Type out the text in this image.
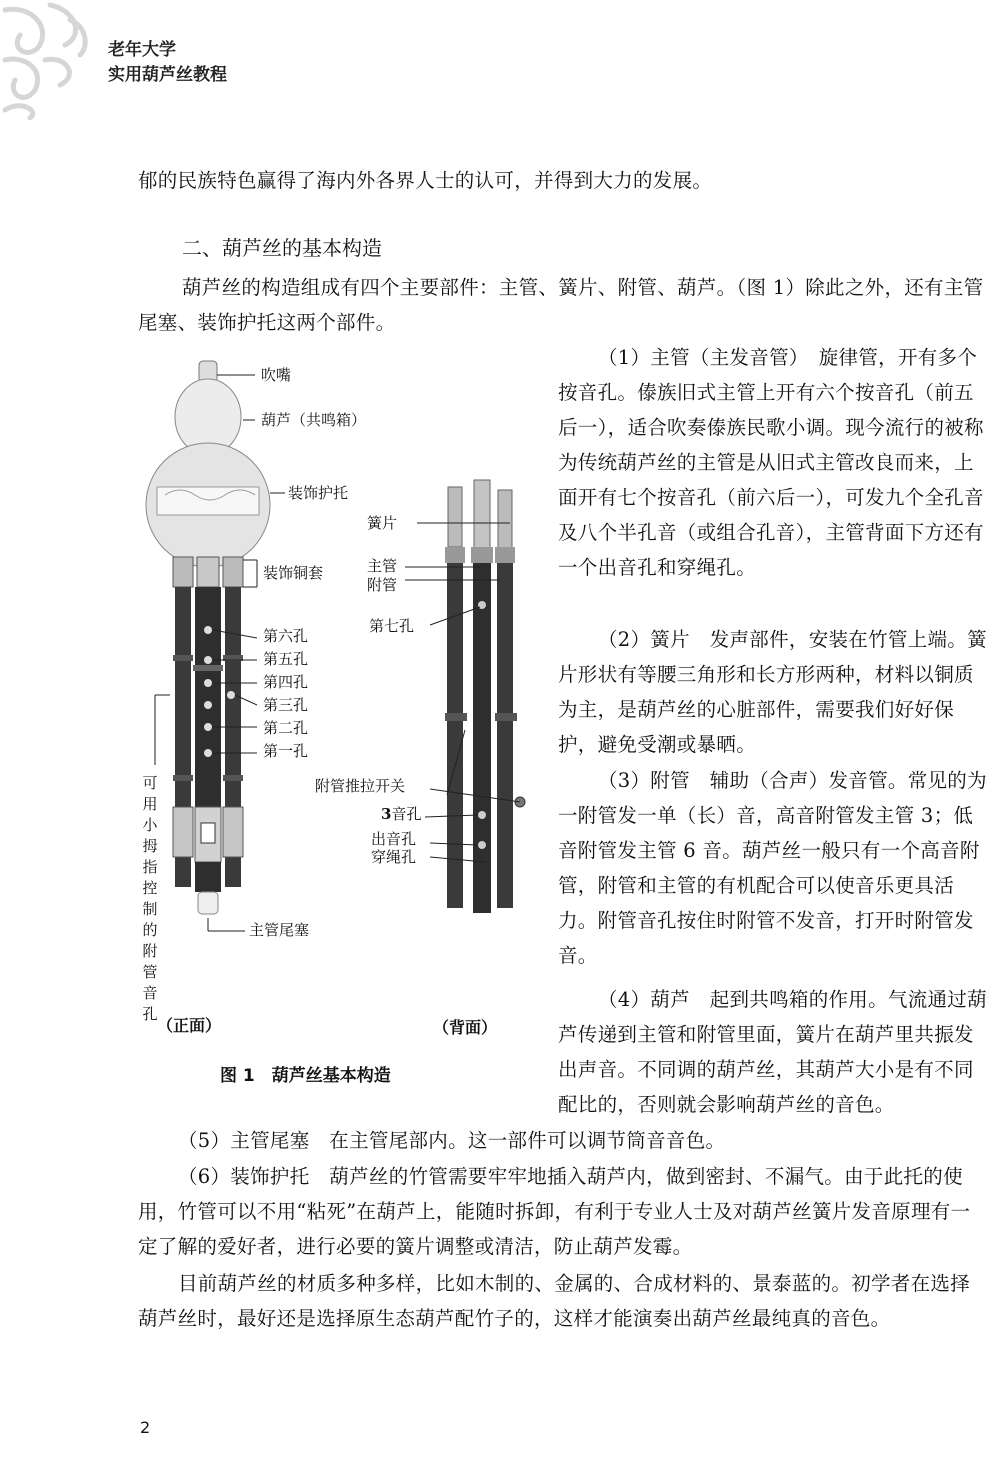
老年大学
实用葫芦丝教程

郁的民族特色赢得了海内外各界人士的认可，并得到大力的发展。

二、葫芦丝的基本构造

葫芦丝的构造组成有四个主要部件：主管、簧片、附管、葫芦。（图 1）除此之外，还有主管尾塞、装饰护托这两个部件。

（1）主管（主发音管）　旋律管，开有多个按音孔。傣族旧式主管上开有六个按音孔（前五后一），适合吹奏傣族民歌小调。现今流行的被称为传统葫芦丝的主管是从旧式主管改良而来，上面开有七个按音孔（前六后一），可发九个全孔音及八个半孔音（或组合孔音），主管背面下方还有一个出音孔和穿绳孔。

（2）簧片　发声部件，安装在竹管上端。簧片形状有等腰三角形和长方形两种，材料以铜质为主，是葫芦丝的心脏部件，需要我们好好保护，避免受潮或暴晒。

（3）附管　辅助（合声）发音管。常见的为一附管发一单（长）音，高音附管发主管 3；低音附管发主管 6 音。葫芦丝一般只有一个高音附管，附管和主管的有机配合可以使音乐更具活力。附管音孔按住时附管不发音，打开时附管发音。

（4）葫芦　起到共鸣箱的作用。气流通过葫芦传递到主管和附管里面，簧片在葫芦里共振发出声音。不同调的葫芦丝，其葫芦大小是有不同配比的，否则就会影响葫芦丝的音色。

（5）主管尾塞　在主管尾部内。这一部件可以调节筒音音色。

（6）装饰护托　葫芦丝的竹管需要牢牢地插入葫芦内，做到密封、不漏气。由于此托的使用，竹管可以不用“粘死”在葫芦上，能随时拆卸，有利于专业人士及对葫芦丝簧片发音原理有一定了解的爱好者，进行必要的簧片调整或清洁，防止葫芦发霉。

目前葫芦丝的材质多种多样，比如木制的、金属的、合成材料的、景泰蓝的。初学者在选择葫芦丝时，最好还是选择原生态葫芦配竹子的，这样才能演奏出葫芦丝最纯真的音色。

吹嘴
葫芦（共鸣箱）
装饰护托
装饰铜套
第六孔
第五孔
第四孔
第三孔
第二孔
第一孔
主管尾塞
可用小拇指控制的附管音孔
簧片
主管
附管
第七孔
附管推拉开关
3音孔
出音孔
穿绳孔
（正面）	（背面）
图 1　葫芦丝基本构造
2
